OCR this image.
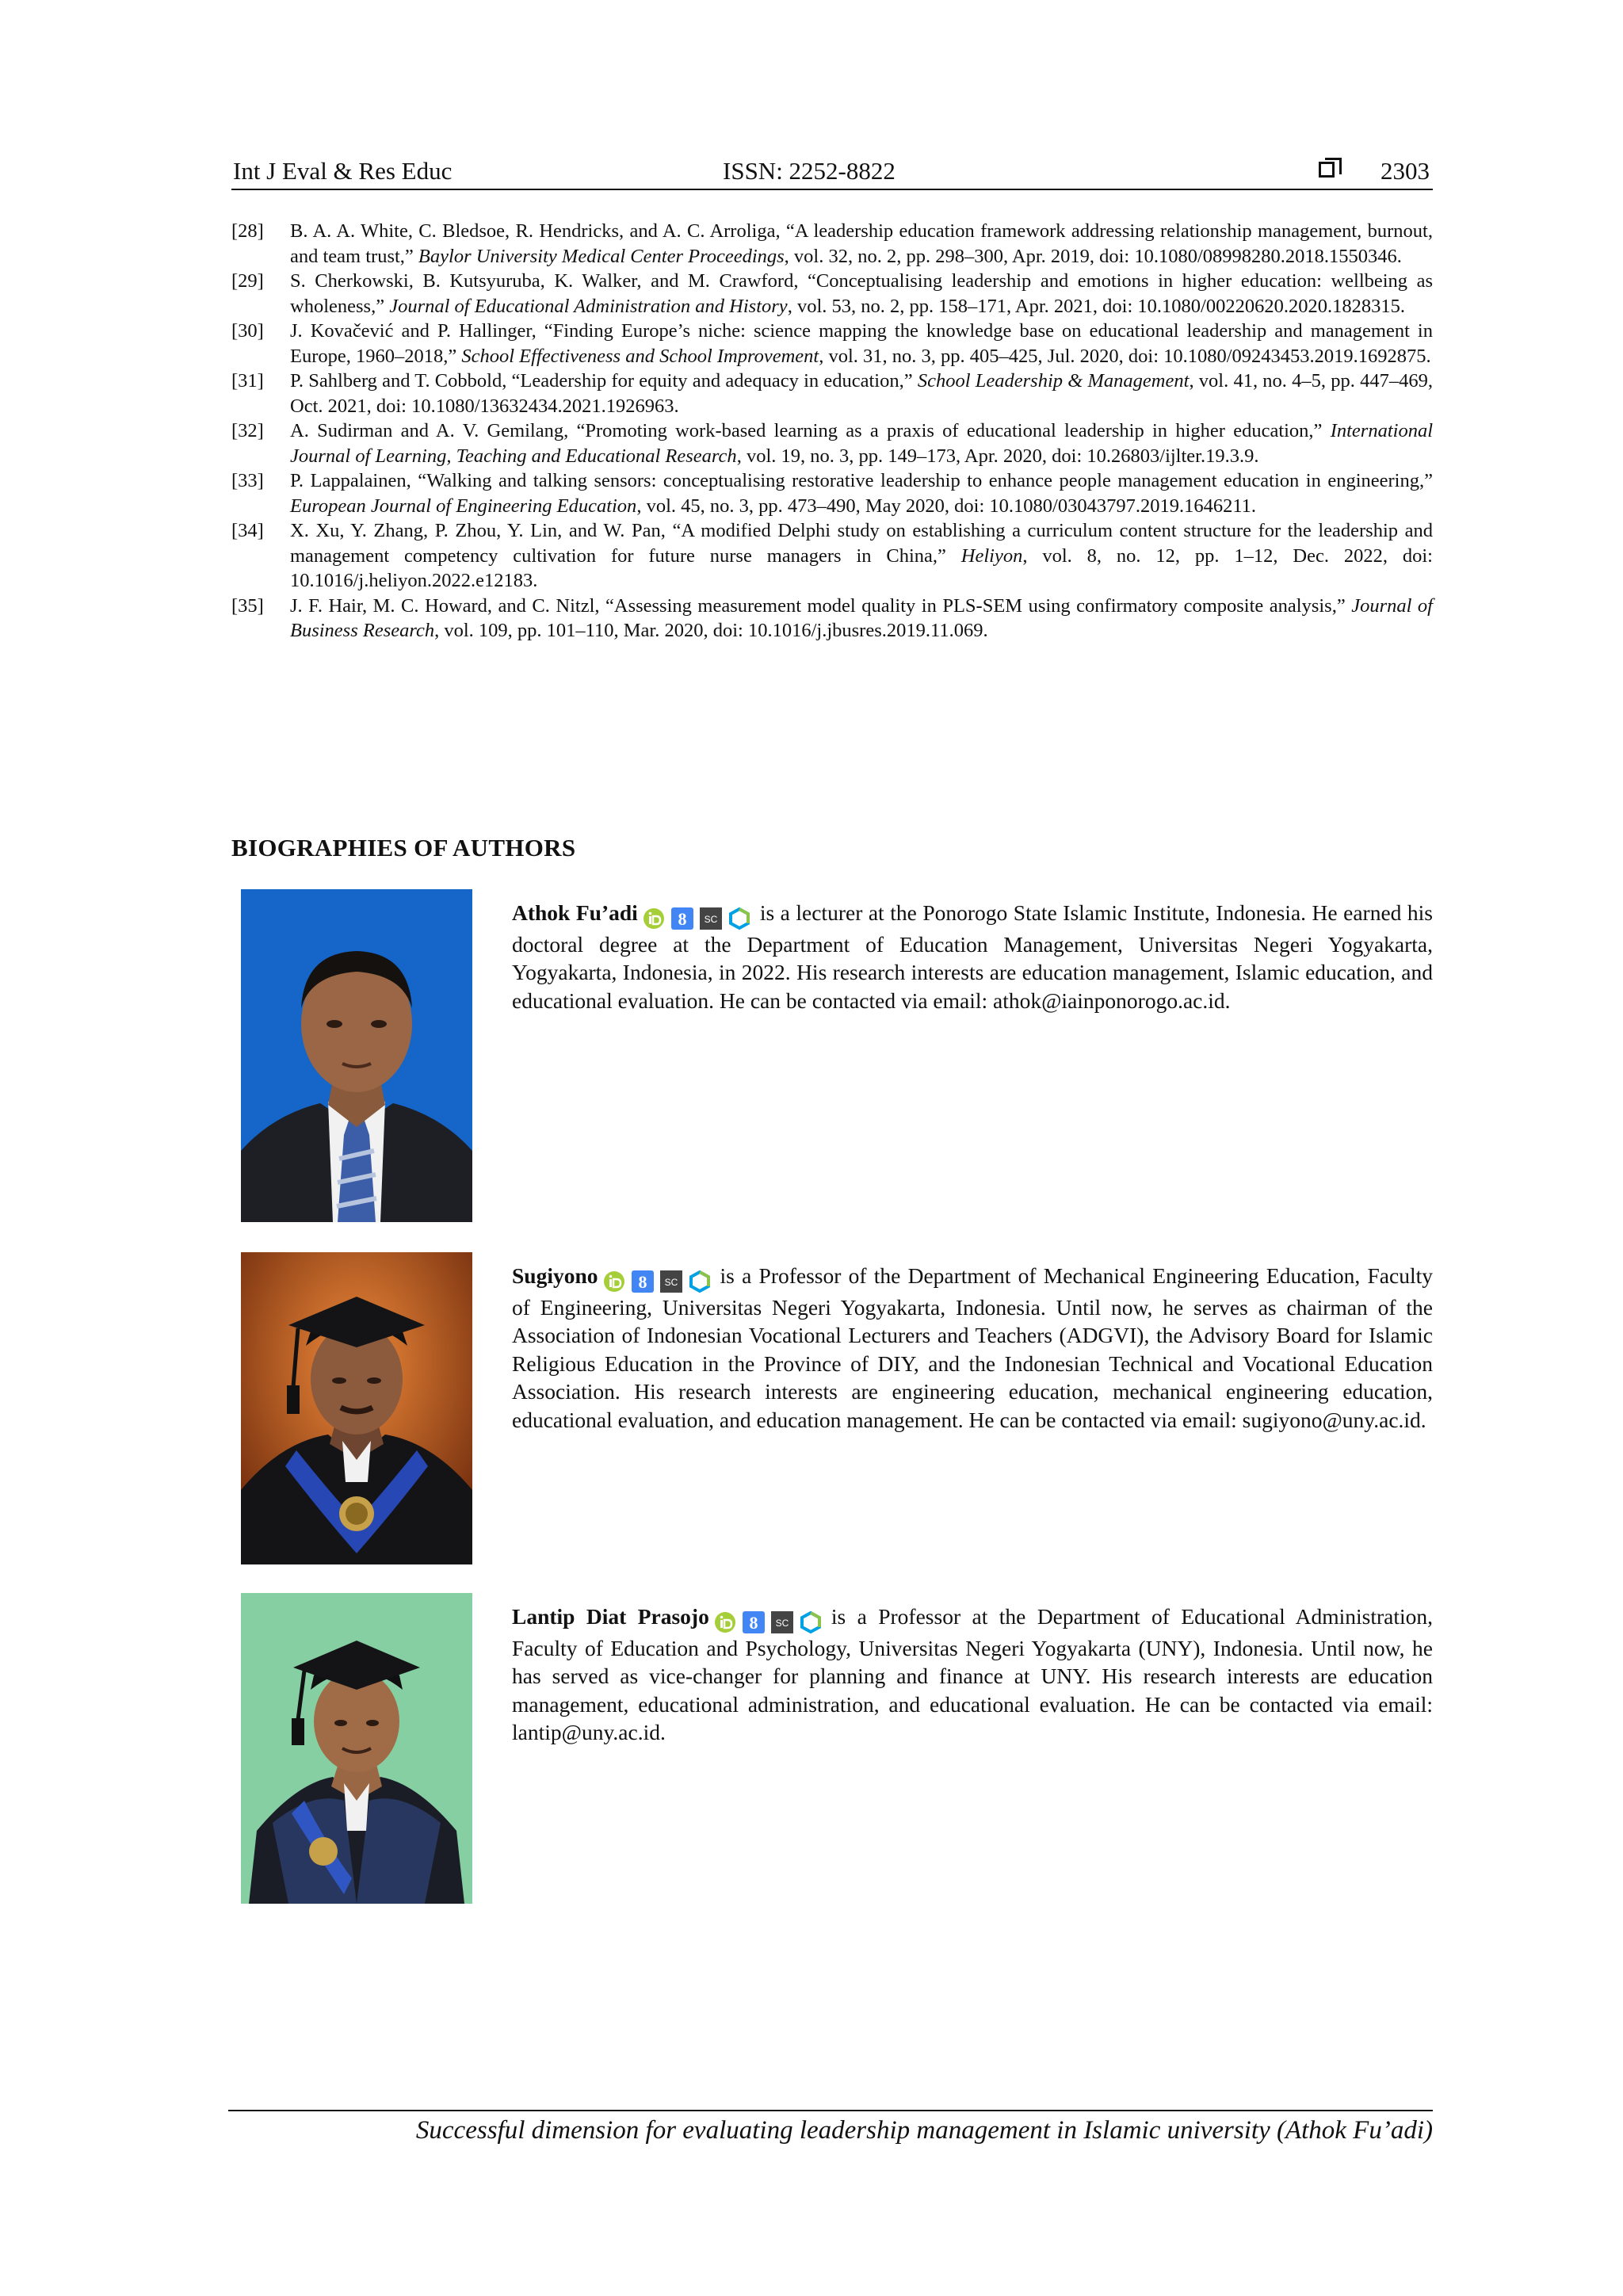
Int J Eval & Res Educ	ISSN: 2252-8822	2303
[28]	B. A. A. White, C. Bledsoe, R. Hendricks, and A. C. Arroliga, “A leadership education framework addressing relationship management, burnout, and team trust,” Baylor University Medical Center Proceedings, vol. 32, no. 2, pp. 298–300, Apr. 2019, doi: 10.1080/08998280.2018.1550346.
[29]	S. Cherkowski, B. Kutsyuruba, K. Walker, and M. Crawford, “Conceptualising leadership and emotions in higher education: wellbeing as wholeness,” Journal of Educational Administration and History, vol. 53, no. 2, pp. 158–171, Apr. 2021, doi: 10.1080/00220620.2020.1828315.
[30]	J. Kovačević and P. Hallinger, “Finding Europe’s niche: science mapping the knowledge base on educational leadership and management in Europe, 1960–2018,” School Effectiveness and School Improvement, vol. 31, no. 3, pp. 405–425, Jul. 2020, doi: 10.1080/09243453.2019.1692875.
[31]	P. Sahlberg and T. Cobbold, “Leadership for equity and adequacy in education,” School Leadership & Management, vol. 41, no. 4–5, pp. 447–469, Oct. 2021, doi: 10.1080/13632434.2021.1926963.
[32]	A. Sudirman and A. V. Gemilang, “Promoting work-based learning as a praxis of educational leadership in higher education,” International Journal of Learning, Teaching and Educational Research, vol. 19, no. 3, pp. 149–173, Apr. 2020, doi: 10.26803/ijlter.19.3.9.
[33]	P. Lappalainen, “Walking and talking sensors: conceptualising restorative leadership to enhance people management education in engineering,” European Journal of Engineering Education, vol. 45, no. 3, pp. 473–490, May 2020, doi: 10.1080/03043797.2019.1646211.
[34]	X. Xu, Y. Zhang, P. Zhou, Y. Lin, and W. Pan, “A modified Delphi study on establishing a curriculum content structure for the leadership and management competency cultivation for future nurse managers in China,” Heliyon, vol. 8, no. 12, pp. 1–12, Dec. 2022, doi: 10.1016/j.heliyon.2022.e12183.
[35]	J. F. Hair, M. C. Howard, and C. Nitzl, “Assessing measurement model quality in PLS-SEM using confirmatory composite analysis,” Journal of Business Research, vol. 109, pp. 101–110, Mar. 2020, doi: 10.1016/j.jbusres.2019.11.069.
BIOGRAPHIES OF AUTHORS
Athok Fu’adi 8 SC is a lecturer at the Ponorogo State Islamic Institute, Indonesia. He earned his doctoral degree at the Department of Education Management, Universitas Negeri Yogyakarta, Yogyakarta, Indonesia, in 2022. His research interests are education management, Islamic education, and educational evaluation. He can be contacted via email: athok@iainponorogo.ac.id.
Sugiyono 8 SC is a Professor of the Department of Mechanical Engineering Education, Faculty of Engineering, Universitas Negeri Yogyakarta, Indonesia. Until now, he serves as chairman of the Association of Indonesian Vocational Lecturers and Teachers (ADGVI), the Advisory Board for Islamic Religious Education in the Province of DIY, and the Indonesian Technical and Vocational Education Association. His research interests are engineering education, mechanical engineering education, educational evaluation, and education management. He can be contacted via email: sugiyono@uny.ac.id.
Lantip Diat Prasojo 8 SC is a Professor at the Department of Educational Administration, Faculty of Education and Psychology, Universitas Negeri Yogyakarta (UNY), Indonesia. Until now, he has served as vice-changer for planning and finance at UNY. His research interests are education management, educational administration, and educational evaluation. He can be contacted via email: lantip@uny.ac.id.
Successful dimension for evaluating leadership management in Islamic university (Athok Fu’adi)
